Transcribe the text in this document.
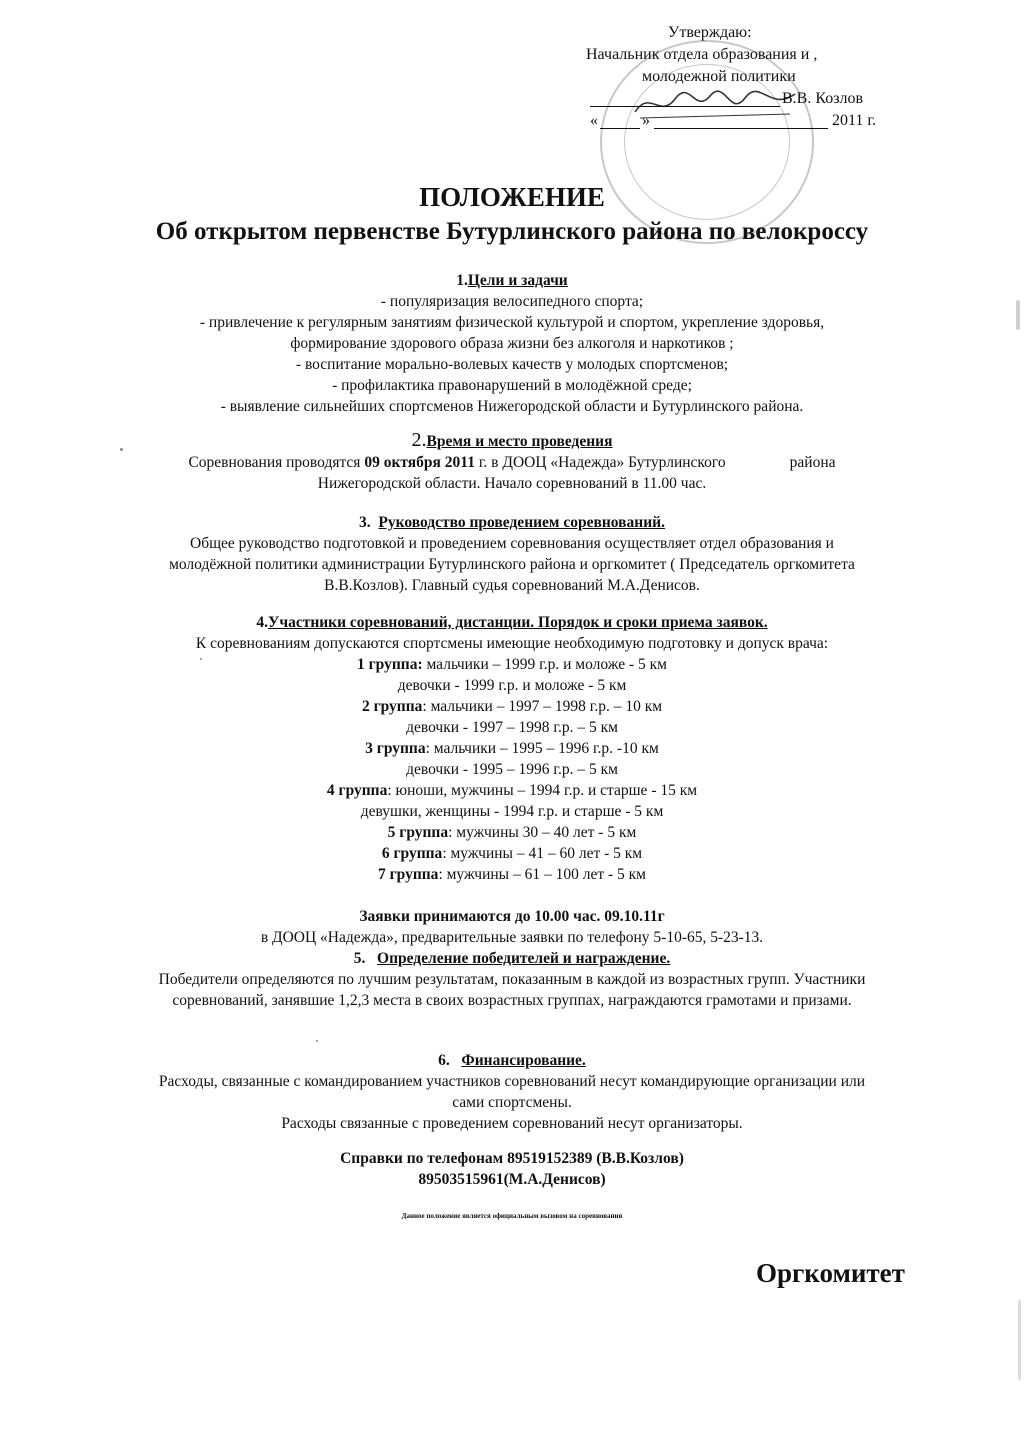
Утверждаю:
Начальник отдела образования и ,
молодежной политики
В.В. Козлов
«	»	2011 г.
ПОЛОЖЕНИЕ
Об открытом первенстве Бутурлинского района по велокроссу
1.Цели и задачи
- популяризация велосипедного спорта;
- привлечение к регулярным занятиям физической культурой и спортом, укрепление здоровья,
формирование здорового образа жизни без алкоголя и наркотиков ;
- воспитание морально-волевых качеств у молодых спортсменов;
- профилактика правонарушений в молодёжной среде;
- выявление сильнейших спортсменов Нижегородской области и Бутурлинского района.
2.Время и место проведения
Соревнования проводятся 09 октября 2011 г. в ДООЦ «Надежда» Бутурлинского	района
Нижегородской области. Начало соревнований в 11.00 час.
3.  Руководство проведением соревнований.
Общее руководство подготовкой и проведением соревнования осуществляет отдел образования и
молодёжной политики администрации Бутурлинского района и оргкомитет ( Председатель оргкомитета
В.В.Козлов). Главный судья соревнований М.А.Денисов.
4.Участники соревнований, дистанции. Порядок и сроки приема заявок.
К соревнованиям допускаются спортсмены имеющие необходимую подготовку и допуск врача:
1 группа: мальчики – 1999 г.р. и моложе - 5 км
девочки - 1999 г.р. и моложе - 5 км
2 группа: мальчики – 1997 – 1998 г.р. – 10 км
девочки - 1997 – 1998 г.р. – 5 км
3 группа: мальчики – 1995 – 1996 г.р. -10 км
девочки - 1995 – 1996 г.р. – 5 км
4 группа: юноши, мужчины – 1994 г.р. и старше - 15 км
девушки, женщины - 1994 г.р. и старше - 5 км
5 группа: мужчины 30 – 40 лет - 5 км
6 группа: мужчины – 41 – 60 лет - 5 км
7 группа: мужчины – 61 – 100 лет - 5 км
Заявки принимаются до 10.00 час. 09.10.11г
в ДООЦ «Надежда», предварительные заявки по телефону 5-10-65, 5-23-13.
5.   Определение победителей и награждение.
Победители определяются по лучшим результатам, показанным в каждой из возрастных групп. Участники
соревнований, занявшие 1,2,3 места в своих возрастных группах, награждаются грамотами и призами.
6.   Финансирование.
Расходы, связанные с командированием участников соревнований несут командирующие организации или
сами спортсмены.
Расходы связанные с проведением соревнований несут организаторы.
Справки по телефонам 89519152389 (В.В.Козлов)
89503515961(М.А.Денисов)
Данное положение является официальным вызовом на соревнования
Оргкомитет
